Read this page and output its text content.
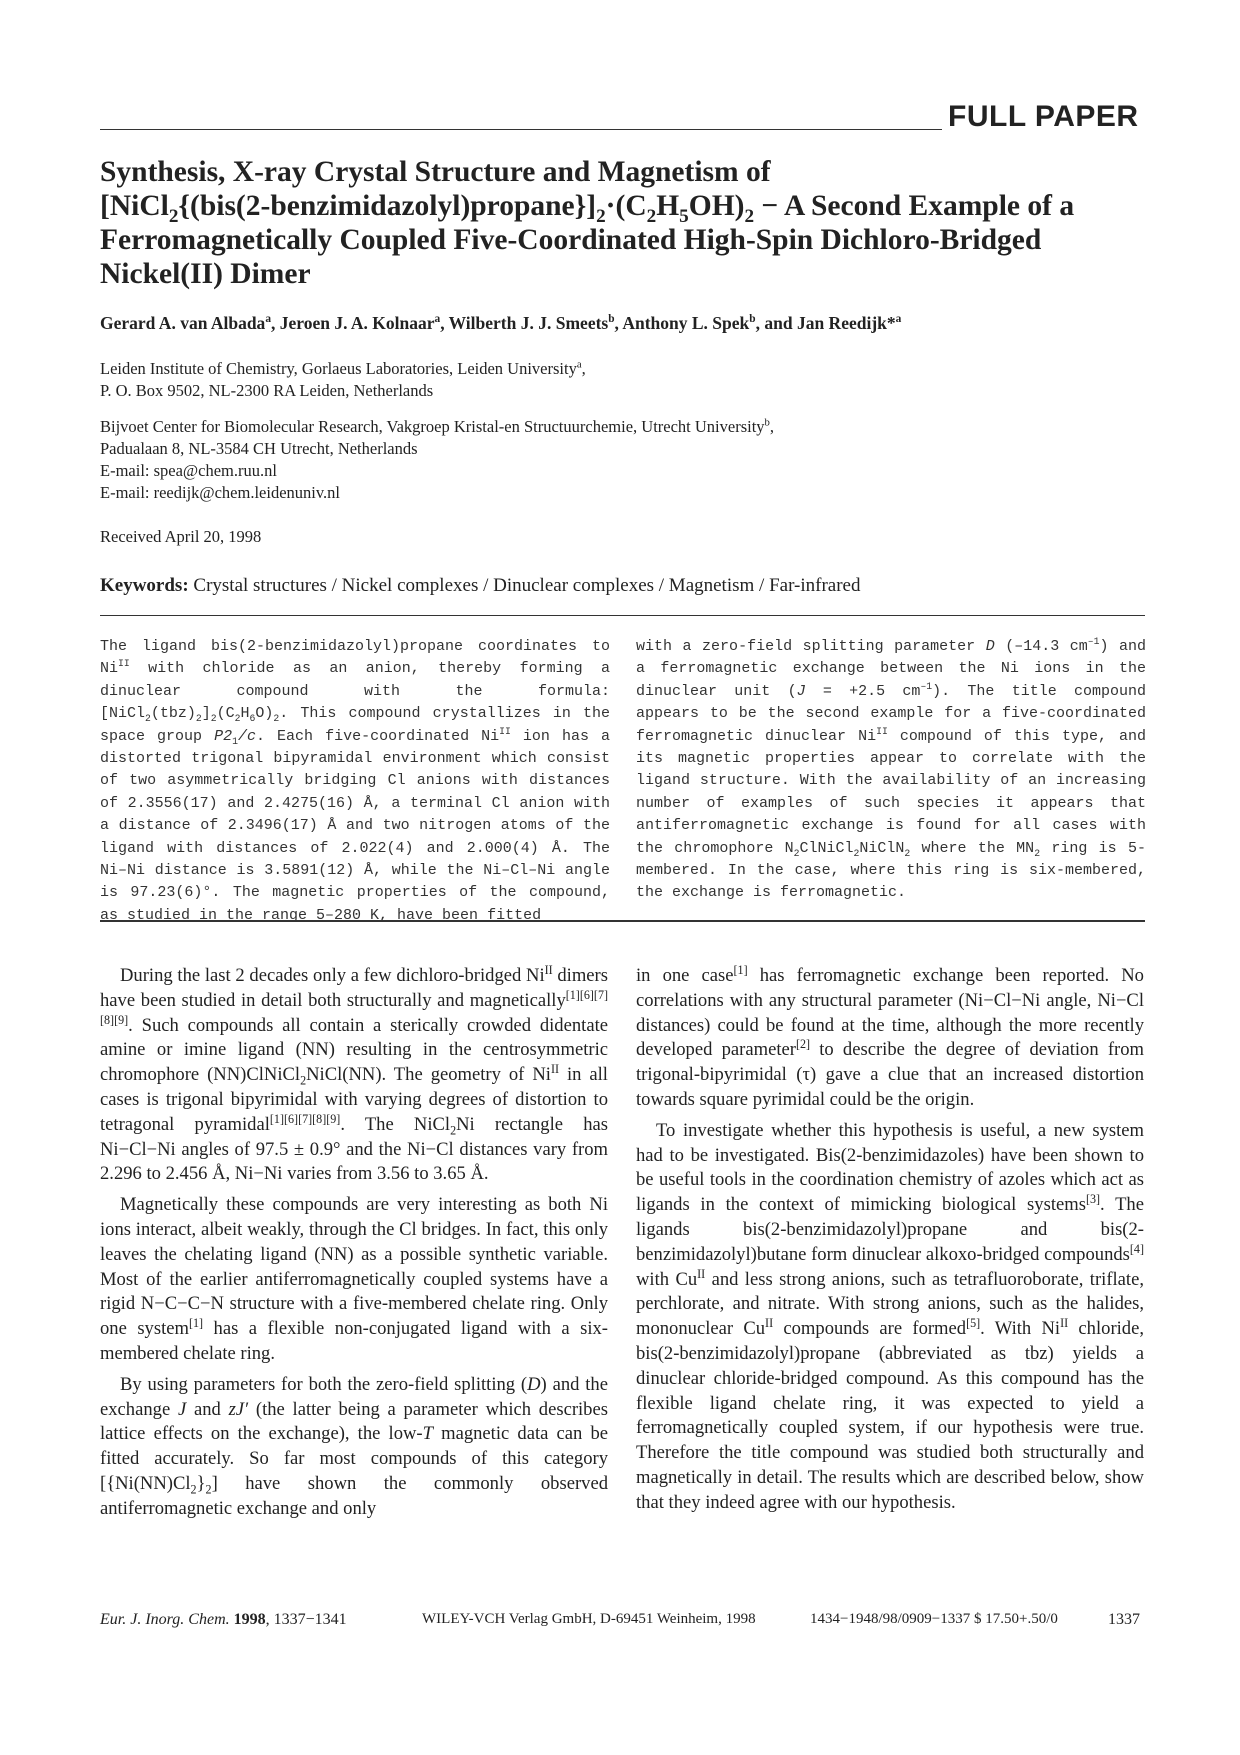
FULL PAPER
Synthesis, X-ray Crystal Structure and Magnetism of
[$NiCl_2\{(bis(2-benzimidazolyl)propane\}]_2\cdot(C_2H_5OH)_2 - A$ Second Example of a Ferromagnetically Coupled Five-Coordinated High-Spin Dichloro-Bridged Nickel(II) Dimer
Gerard A. van Albada$^a$, Jeroen J. A. Kolnaar$^a$, Wilberth J. J. Smeets$^b$, Anthony L. Spek$^b$, and Jan Reedijk*$^a$
Leiden Institute of Chemistry, Gorlaeus Laboratories, Leiden University$^a$,
P. O. Box 9502, NL-2300 RA Leiden, Netherlands
Bijvoet Center for Biomolecular Research, Vakgroep Kristal-en Structuurchemie, Utrecht University$^b$,
Padualaan 8, NL-3584 CH Utrecht, Netherlands
E-mail: spea@chem.ruu.nl
E-mail: reedijk@chem.leidenuniv.nl
Received April 20, 1998
Keywords: Crystal structures / Nickel complexes / Dinuclear complexes / Magnetism / Far-infrared
The ligand bis(2-benzimidazolyl)propane coordinates to $Ni^{II}$ with chloride as an anion, thereby forming a dinuclear compound with the formula: $[NiCl_2(tbz)_2]_2(C_2H_6O)_2$. This compound crystallizes in the space group $P2_1/c$. Each five-coordinated $Ni^{II}$ ion has a distorted trigonal bipyramidal environment which consist of two asymmetrically bridging Cl anions with distances of 2.3556(17) and 2.4275(16) Å, a terminal Cl anion with a distance of 2.3496(17) Å and two nitrogen atoms of the ligand with distances of 2.022(4) and 2.000(4) Å. The Ni–Ni distance is 3.5891(12) Å, while the Ni–Cl–Ni angle is 97.23(6)°. The magnetic properties of the compound, as studied in the range 5–280 K, have been fitted
with a zero-field splitting parameter D (–14.3 $cm^{-1}$) and a ferromagnetic exchange between the Ni ions in the dinuclear unit (J = +2.5 $cm^{-1}$). The title compound appears to be the second example for a five-coordinated ferromagnetic dinuclear $Ni^{II}$ compound of this type, and its magnetic properties appear to correlate with the ligand structure. With the availability of an increasing number of examples of such species it appears that antiferromagnetic exchange is found for all cases with the chromophore $N_2ClNiCl_2NiClN_2$ where the $MN_2$ ring is 5-membered. In the case, where this ring is six-membered, the exchange is ferromagnetic.

During the last 2 decades only a few dichloro-bridged $Ni^{II}$ dimers have been studied in detail both structurally and magnetically[1][6][7][8][9]. Such compounds all contain a sterically crowded didentate amine or imine ligand (NN) resulting in the centrosymmetric chromophore (NN)ClNiCl$_2$NiCl(NN). The geometry of $Ni^{II}$ in all cases is trigonal bipyrimidal with varying degrees of distortion to tetragonal pyramidal[1][6][7][8][9]. The NiCl$_2$Ni rectangle has Ni−Cl−Ni angles of 97.5 ± 0.9° and the Ni−Cl distances vary from 2.296 to 2.456 Å, Ni−Ni varies from 3.56 to 3.65 Å.

Magnetically these compounds are very interesting as both Ni ions interact, albeit weakly, through the Cl bridges. In fact, this only leaves the chelating ligand (NN) as a possible synthetic variable. Most of the earlier antiferromagnetically coupled systems have a rigid N−C−C−N structure with a five-membered chelate ring. Only one system[1] has a flexible non-conjugated ligand with a six-membered chelate ring.

By using parameters for both the zero-field splitting (D) and the exchange J and zJ′ (the latter being a parameter which describes lattice effects on the exchange), the low-T magnetic data can be fitted accurately. So far most compounds of this category $[\{Ni(NN)Cl_2\}_2]$ have shown the commonly observed antiferromagnetic exchange and only

in one case[1] has ferromagnetic exchange been reported. No correlations with any structural parameter (Ni−Cl−Ni angle, Ni−Cl distances) could be found at the time, although the more recently developed parameter[2] to describe the degree of deviation from trigonal-bipyrimidal (τ) gave a clue that an increased distortion towards square pyrimidal could be the origin.

To investigate whether this hypothesis is useful, a new system had to be investigated. Bis(2-benzimidazoles) have been shown to be useful tools in the coordination chemistry of azoles which act as ligands in the context of mimicking biological systems[3]. The ligands bis(2-benzimidazolyl)propane and bis(2-benzimidazolyl)butane form dinuclear alkoxo-bridged compounds[4] with $Cu^{II}$ and less strong anions, such as tetrafluoroborate, triflate, perchlorate, and nitrate. With strong anions, such as the halides, mononuclear $Cu^{II}$ compounds are formed[5]. With $Ni^{II}$ chloride, bis(2-benzimidazolyl)propane (abbreviated as tbz) yields a dinuclear chloride-bridged compound. As this compound has the flexible ligand chelate ring, it was expected to yield a ferromagnetically coupled system, if our hypothesis were true. Therefore the title compound was studied both structurally and magnetically in detail. The results which are described below, show that they indeed agree with our hypothesis.

Eur. J. Inorg. Chem. 1998, 1337−1341	WILEY-VCH Verlag GmbH, D-69451 Weinheim, 1998	1434−1948/98/0909−1337 $ 17.50+.50/0	1337
